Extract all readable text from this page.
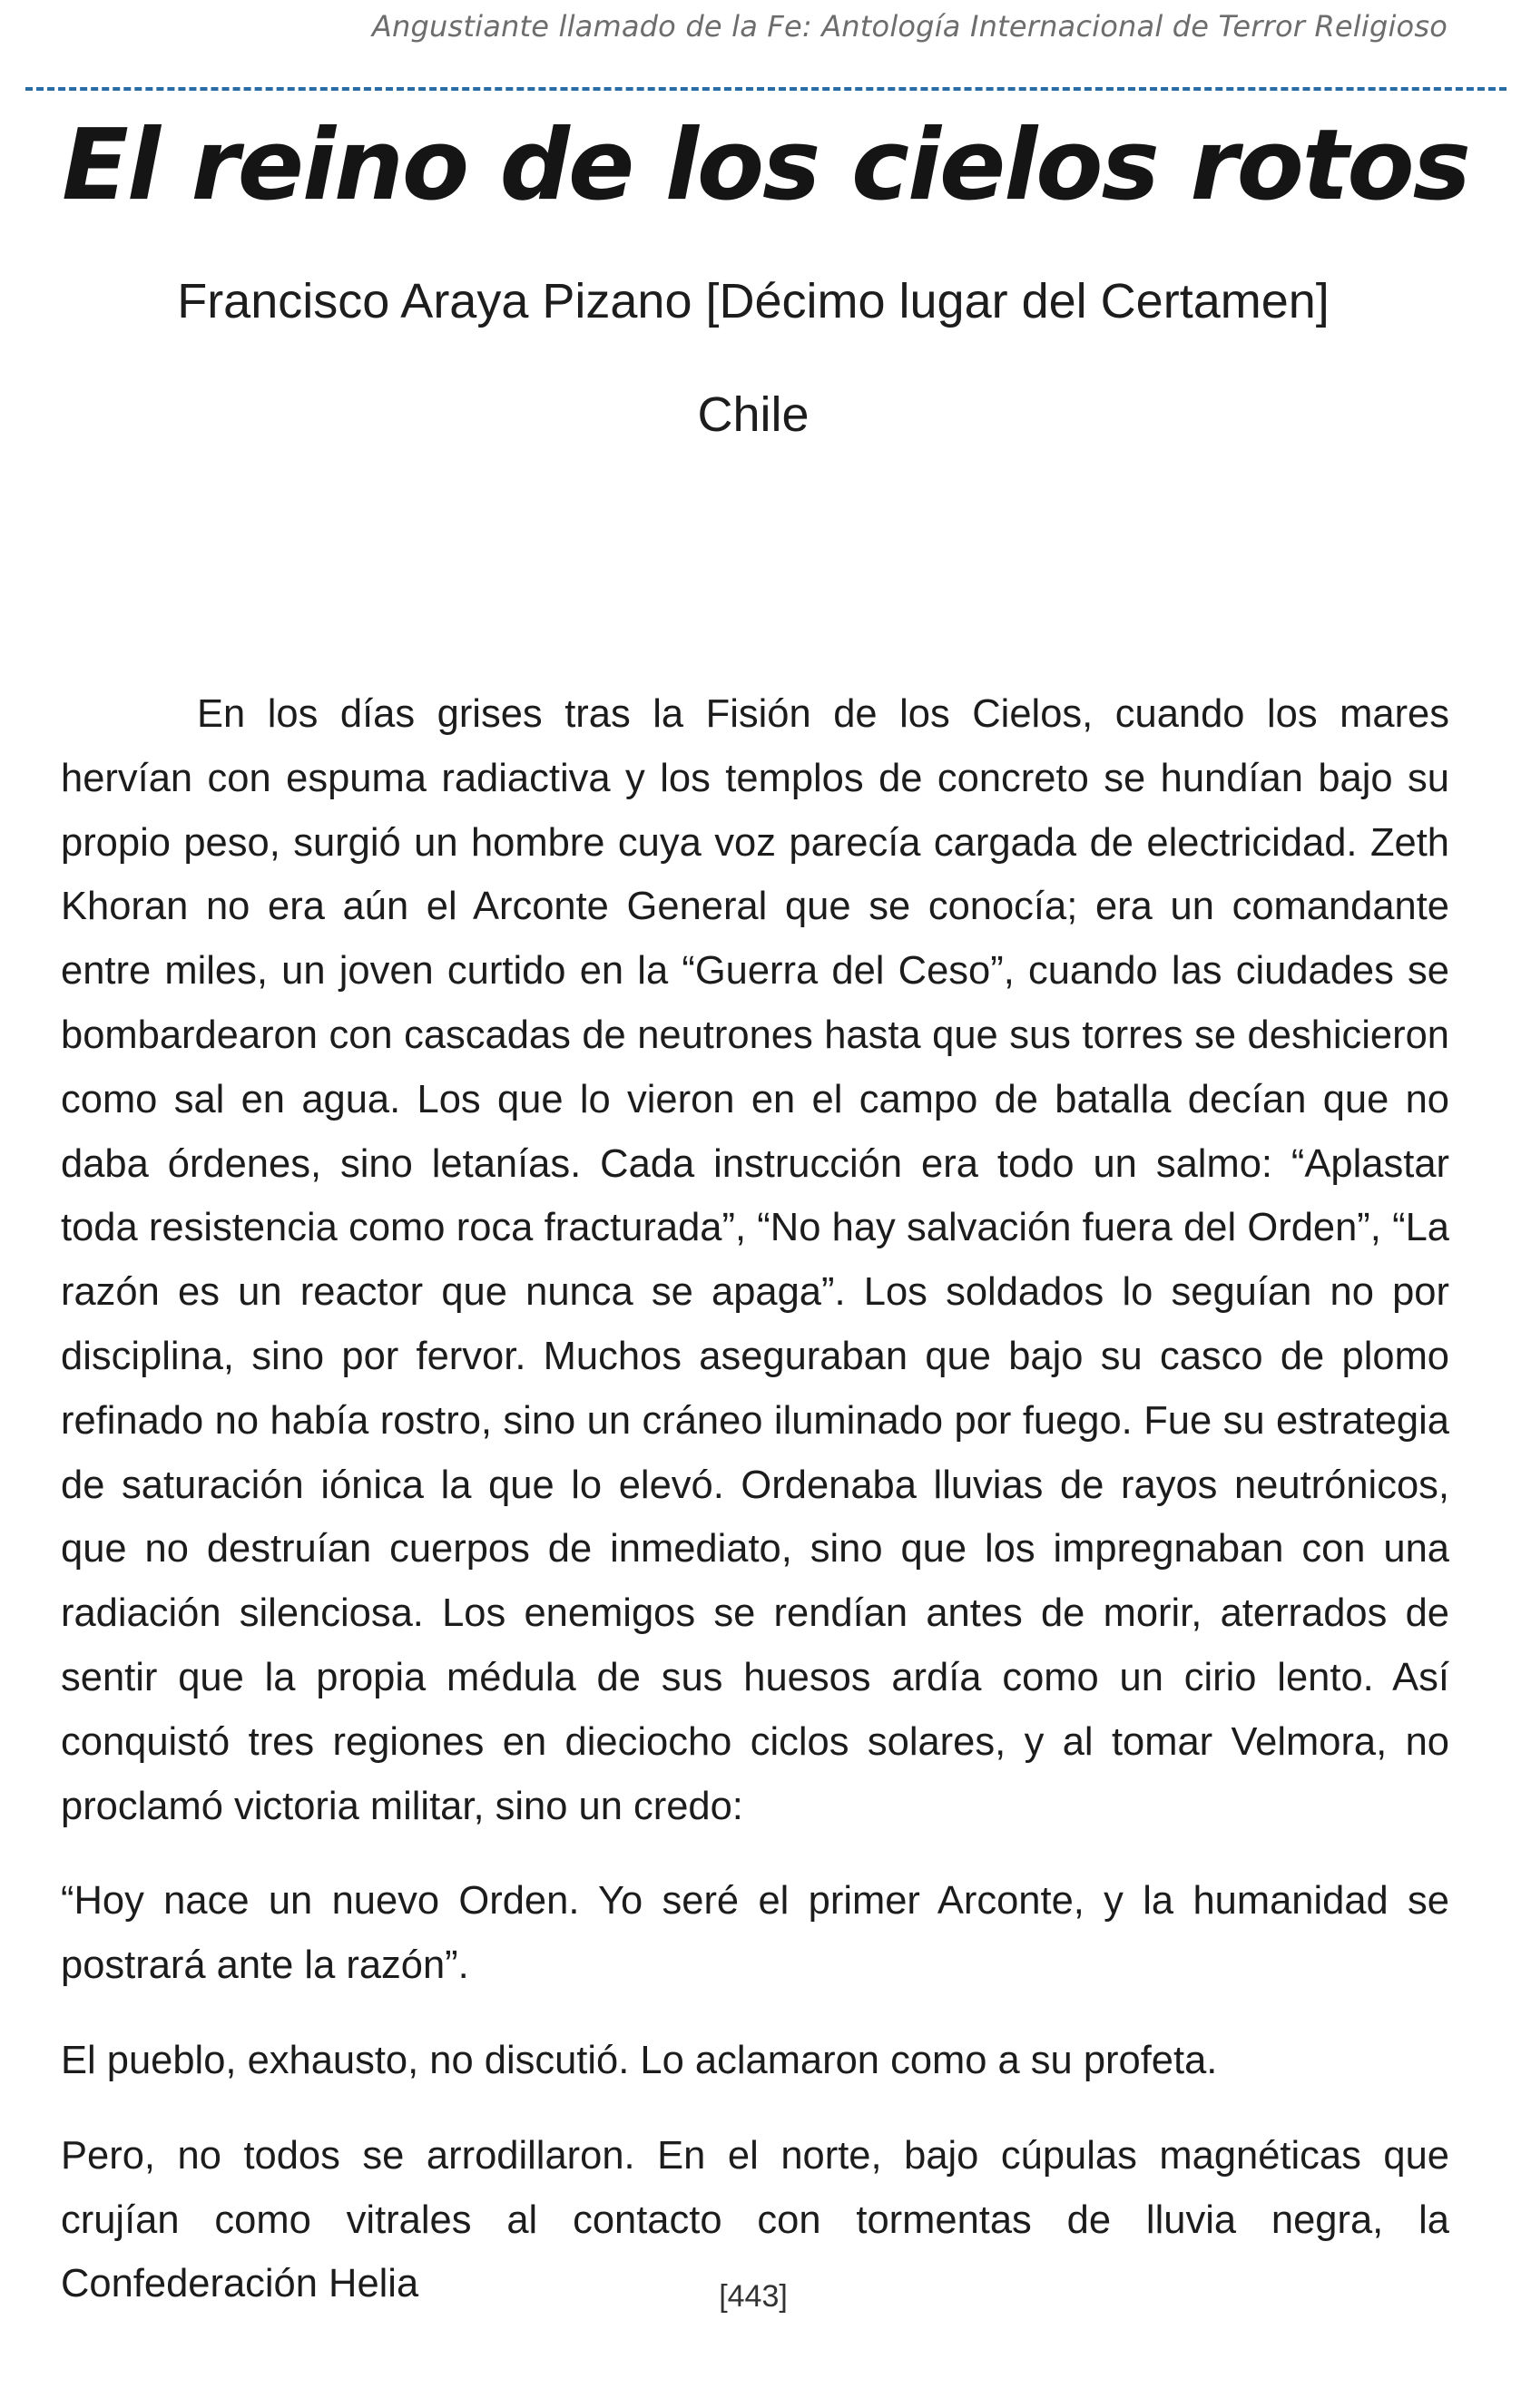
Angustiante llamado de la Fe: Antología Internacional de Terror Religioso
El reino de los cielos rotos
Francisco Araya Pizano [Décimo lugar del Certamen]
Chile

En los días grises tras la Fisión de los Cielos, cuando los mares hervían con espuma radiactiva y los templos de concreto se hundían bajo su propio peso, surgió un hombre cuya voz parecía cargada de electricidad. Zeth Khoran no era aún el Arconte General que se conocía; era un comandante entre miles, un joven curtido en la “Guerra del Ceso”, cuando las ciudades se bombardearon con cascadas de neutrones hasta que sus torres se deshicieron como sal en agua. Los que lo vieron en el campo de batalla decían que no daba órdenes, sino letanías. Cada instrucción era todo un salmo: “Aplastar toda resistencia como roca fracturada”, “No hay salvación fuera del Orden”, “La razón es un reactor que nunca se apaga”. Los soldados lo seguían no por disciplina, sino por fervor. Muchos aseguraban que bajo su casco de plomo refinado no había rostro, sino un cráneo iluminado por fuego. Fue su estrategia de saturación iónica la que lo elevó. Ordenaba lluvias de rayos neutrónicos, que no destruían cuerpos de inmediato, sino que los impregnaban con una radiación silenciosa. Los enemigos se rendían antes de morir, aterrados de sentir que la propia médula de sus huesos ardía como un cirio lento. Así conquistó tres regiones en dieciocho ciclos solares, y al tomar Velmora, no proclamó victoria militar, sino un credo:

“Hoy nace un nuevo Orden. Yo seré el primer Arconte, y la humanidad se postrará ante la razón”.

El pueblo, exhausto, no discutió. Lo aclamaron como a su profeta.

Pero, no todos se arrodillaron. En el norte, bajo cúpulas magnéticas que crujían como vitrales al contacto con tormentas de lluvia negra, la Confederación Helia	[443]
